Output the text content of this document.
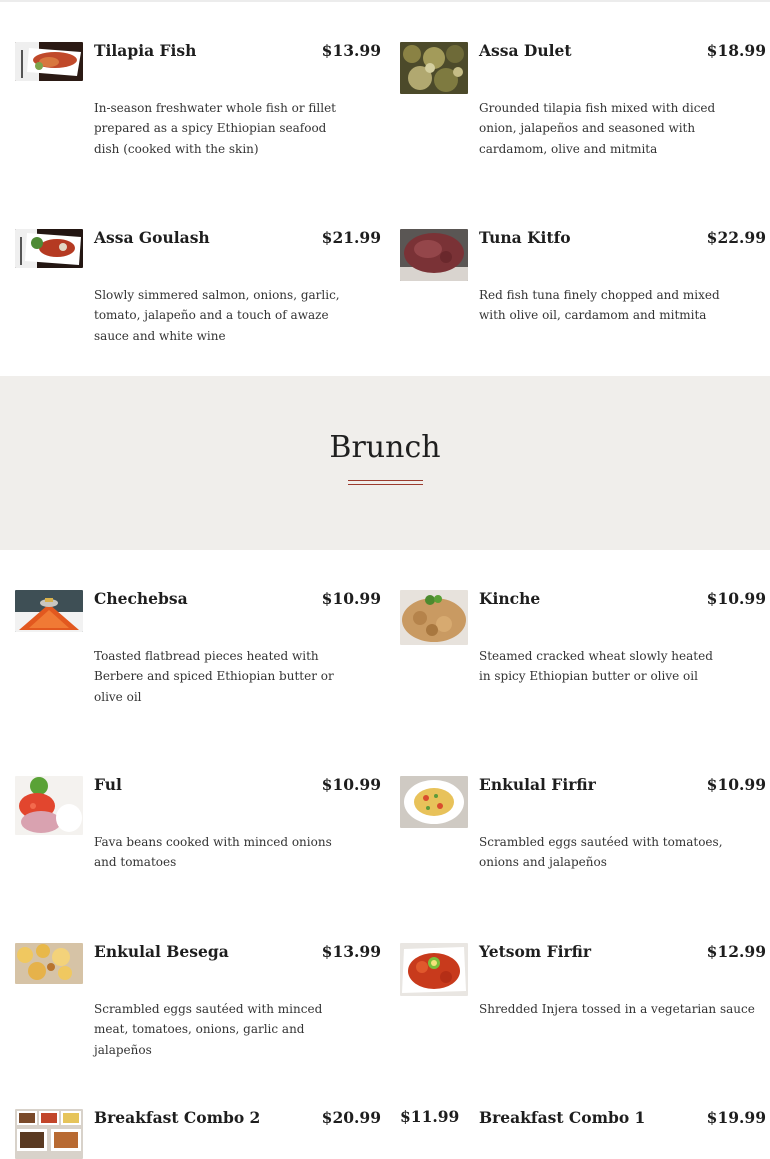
Tilapia Fish	$13.99
In-season freshwater whole fish or fillet prepared as a spicy Ethiopian seafood dish (cooked with the skin)
Assa Dulet	$18.99
Grounded tilapia fish mixed with diced onion, jalapeños and seasoned with cardamom, olive and mitmita
Assa Goulash	$21.99
Slowly simmered salmon, onions, garlic, tomato, jalapeño and a touch of awaze sauce and white wine
Tuna Kitfo	$22.99
Red fish tuna finely chopped and mixed with olive oil, cardamom and mitmita
Brunch
Chechebsa	$10.99
Toasted flatbread pieces heated with Berbere and spiced Ethiopian butter or olive oil
Kinche	$10.99
Steamed cracked wheat slowly heated in spicy Ethiopian butter or olive oil
Ful	$10.99
Fava beans cooked with minced onions and tomatoes
Enkulal Firfir	$10.99
Scrambled eggs sautéed with tomatoes, onions and jalapeños
Enkulal Besega	$13.99
Scrambled eggs sautéed with minced meat, tomatoes, onions, garlic and jalapeños
Yetsom Firfir	$12.99
Shredded Injera tossed in a vegetarian sauce
Breakfast Combo 2	$20.99 $11.99 Breakfast Combo 1	$19.99
